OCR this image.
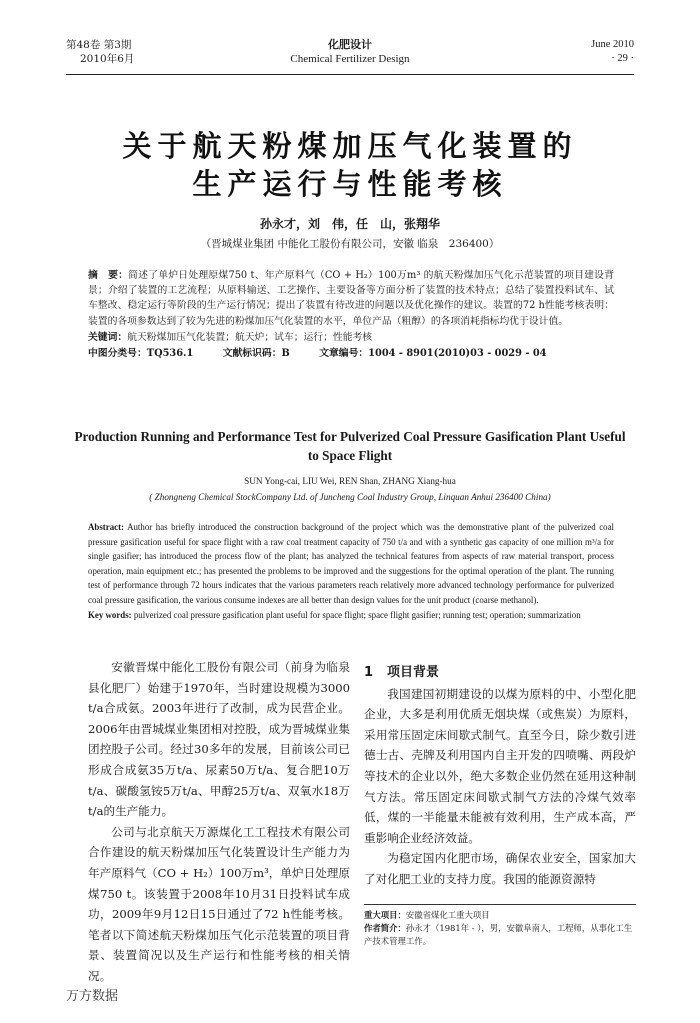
第48卷 第3期
2010年6月
化肥设计
Chemical Fertilizer Design
June 2010
· 29 ·
关于航天粉煤加压气化装置的
生产运行与性能考核
孙永才，刘　伟，任　山，张翔华
（晋城煤业集团 中能化工股份有限公司，安徽 临泉　236400）

摘　要：简述了单炉日处理原煤750 t、年产原料气（CO + H₂）100万m³ 的航天粉煤加压气化示范装置的项目建设背景；介绍了装置的工艺流程；从原料输送、工艺操作、主要设备等方面分析了装置的技术特点；总结了装置投料试车、试车整改、稳定运行等阶段的生产运行情况；提出了装置有待改进的问题以及优化操作的建议。装置的72 h性能考核表明：装置的各项参数达到了较为先进的粉煤加压气化装置的水平，单位产品（粗醇）的各项消耗指标均优于设计值。

关键词：航天粉煤加压气化装置；航天炉；试车；运行；性能考核

中图分类号：TQ536.1	文献标识码：B	文章编号：1004 - 8901(2010)03 - 0029 - 04

Production Running and Performance Test for Pulverized Coal Pressure Gasification Plant Useful to Space Flight
SUN Yong-cai, LIU Wei, REN Shan, ZHANG Xiang-hua
( Zhongneng Chemical StockCompany Ltd. of Juncheng Coal Industry Group, Linquan Anhui 236400 China)

Abstract: Author has briefly introduced the construction background of the project which was the demonstrative plant of the pulverized coal pressure gasification useful for space flight with a raw coal treatment capacity of 750 t/a and with a synthetic gas capacity of one million m³/a for single gasifier; has introduced the process flow of the plant; has analyzed the technical features from aspects of raw material transport, process operation, main equipment etc.; has presented the problems to be improved and the suggestions for the optimal operation of the plant. The running test of performance through 72 hours indicates that the various parameters reach relatively more advanced technology performance for pulverized coal pressure gasification, the various consume indexes are all better than design values for the unit product (coarse methanol).

Key words: pulverized coal pressure gasification plant useful for space flight; space flight gasifier; running test; operation; summarization

安徽晋煤中能化工股份有限公司（前身为临泉县化肥厂）始建于1970年，当时建设规模为3000 t/a合成氨。2003年进行了改制，成为民营企业。2006年由晋城煤业集团相对控股，成为晋城煤业集团控股子公司。经过30多年的发展，目前该公司已形成合成氨35万t/a、尿素50万t/a、复合肥10万t/a、碳酸氢铵5万t/a、甲醇25万t/a、双氧水18万t/a的生产能力。

公司与北京航天万源煤化工工程技术有限公司合作建设的航天粉煤加压气化装置设计生产能力为年产原料气（CO + H₂）100万m³，单炉日处理原煤750 t。该装置于2008年10月31日投料试车成功，2009年9月12日15日通过了72 h性能考核。笔者以下简述航天粉煤加压气化示范装置的项目背景、装置简况以及生产运行和性能考核的相关情况。

1 项目背景

我国建国初期建设的以煤为原料的中、小型化肥企业，大多是利用优质无烟块煤（或焦炭）为原料，采用常压固定床间歇式制气。直至今日，除少数引进德士古、壳牌及利用国内自主开发的四喷嘴、两段炉等技术的企业以外，绝大多数企业仍然在延用这种制气方法。常压固定床间歇式制气方法的冷煤气效率低，煤的一半能量未能被有效利用，生产成本高，严重影响企业经济效益。

为稳定国内化肥市场，确保农业安全，国家加大了对化肥工业的支持力度。我国的能源资源特

重大项目：安徽省煤化工重大项目
作者简介：孙永才（1981年 - ），男，安徽阜南人，工程师，从事化工生产技术管理工作。
万方数据
